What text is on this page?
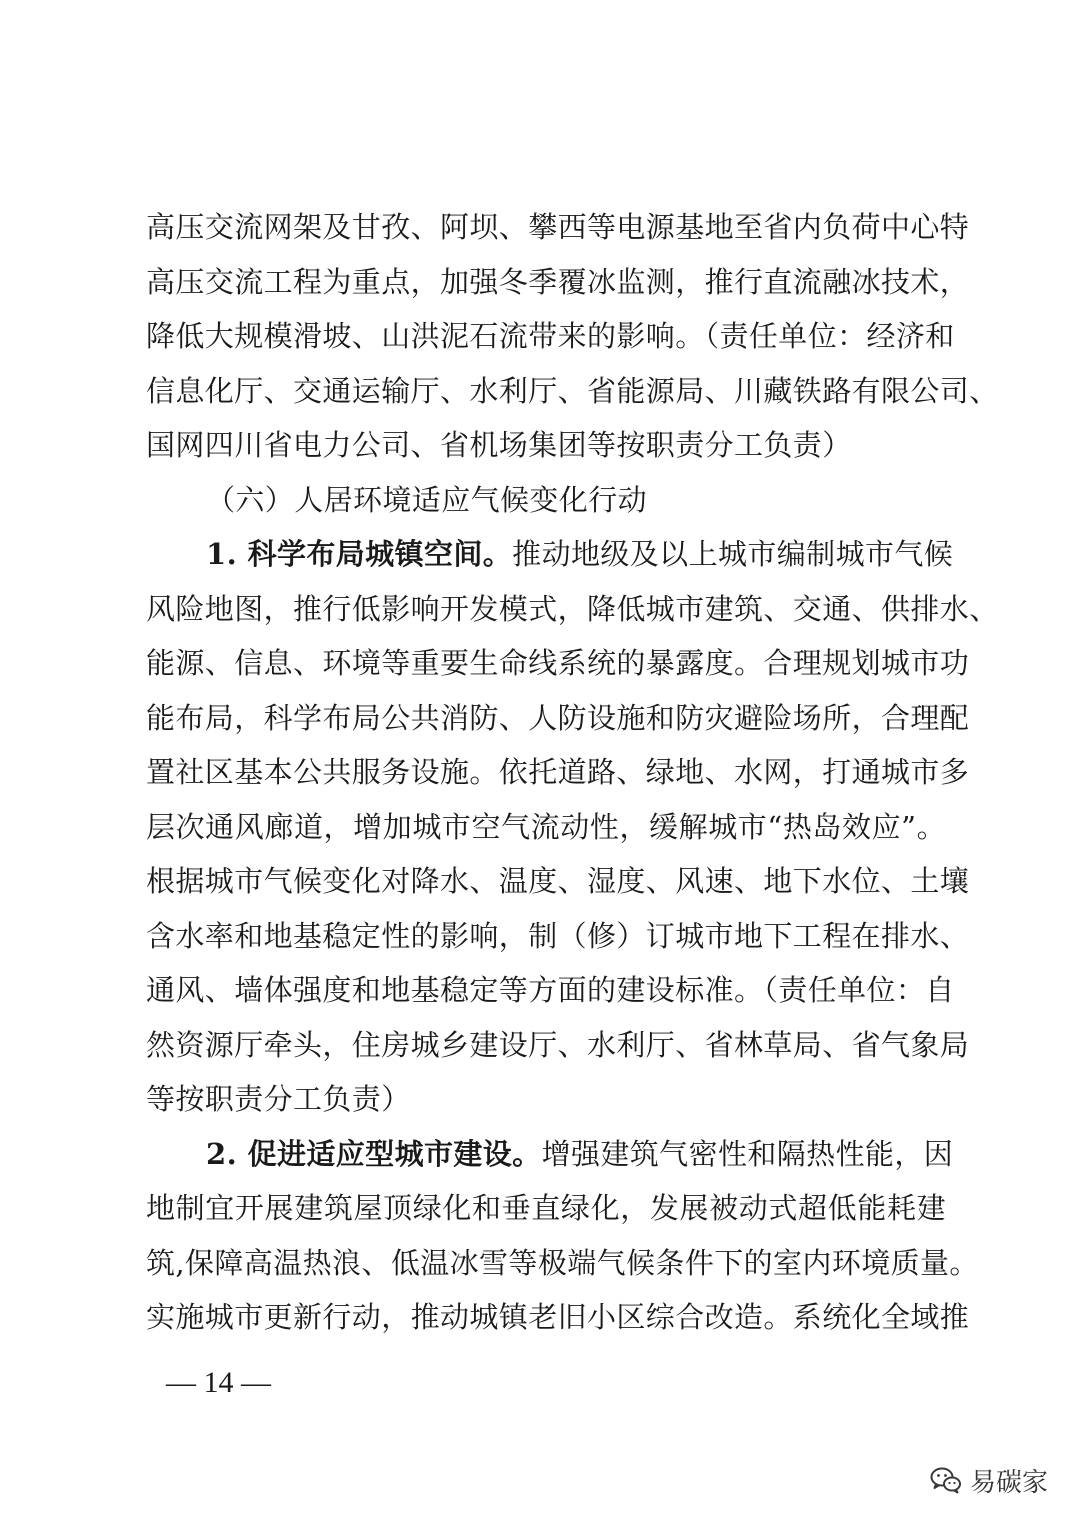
高压交流网架及甘孜、阿坝、攀西等电源基地至省内负荷中心特
高压交流工程为重点，加强冬季覆冰监测，推行直流融冰技术，
降低大规模滑坡、山洪泥石流带来的影响。（责任单位：经济和
信息化厅、交通运输厅、水利厅、省能源局、川藏铁路有限公司、
国网四川省电力公司、省机场集团等按职责分工负责）
（六）人居环境适应气候变化行动
1. 科学布局城镇空间。推动地级及以上城市编制城市气候
风险地图，推行低影响开发模式，降低城市建筑、交通、供排水、
能源、信息、环境等重要生命线系统的暴露度。合理规划城市功
能布局，科学布局公共消防、人防设施和防灾避险场所，合理配
置社区基本公共服务设施。依托道路、绿地、水网，打通城市多
层次通风廊道，增加城市空气流动性，缓解城市“热岛效应”。
根据城市气候变化对降水、温度、湿度、风速、地下水位、土壤
含水率和地基稳定性的影响，制（修）订城市地下工程在排水、
通风、墙体强度和地基稳定等方面的建设标准。（责任单位：自
然资源厅牵头，住房城乡建设厅、水利厅、省林草局、省气象局
等按职责分工负责）
2. 促进适应型城市建设。增强建筑气密性和隔热性能，因
地制宜开展建筑屋顶绿化和垂直绿化，发展被动式超低能耗建
筑,保障高温热浪、低温冰雪等极端气候条件下的室内环境质量。
实施城市更新行动，推动城镇老旧小区综合改造。系统化全域推
— 14 —
易碳家
